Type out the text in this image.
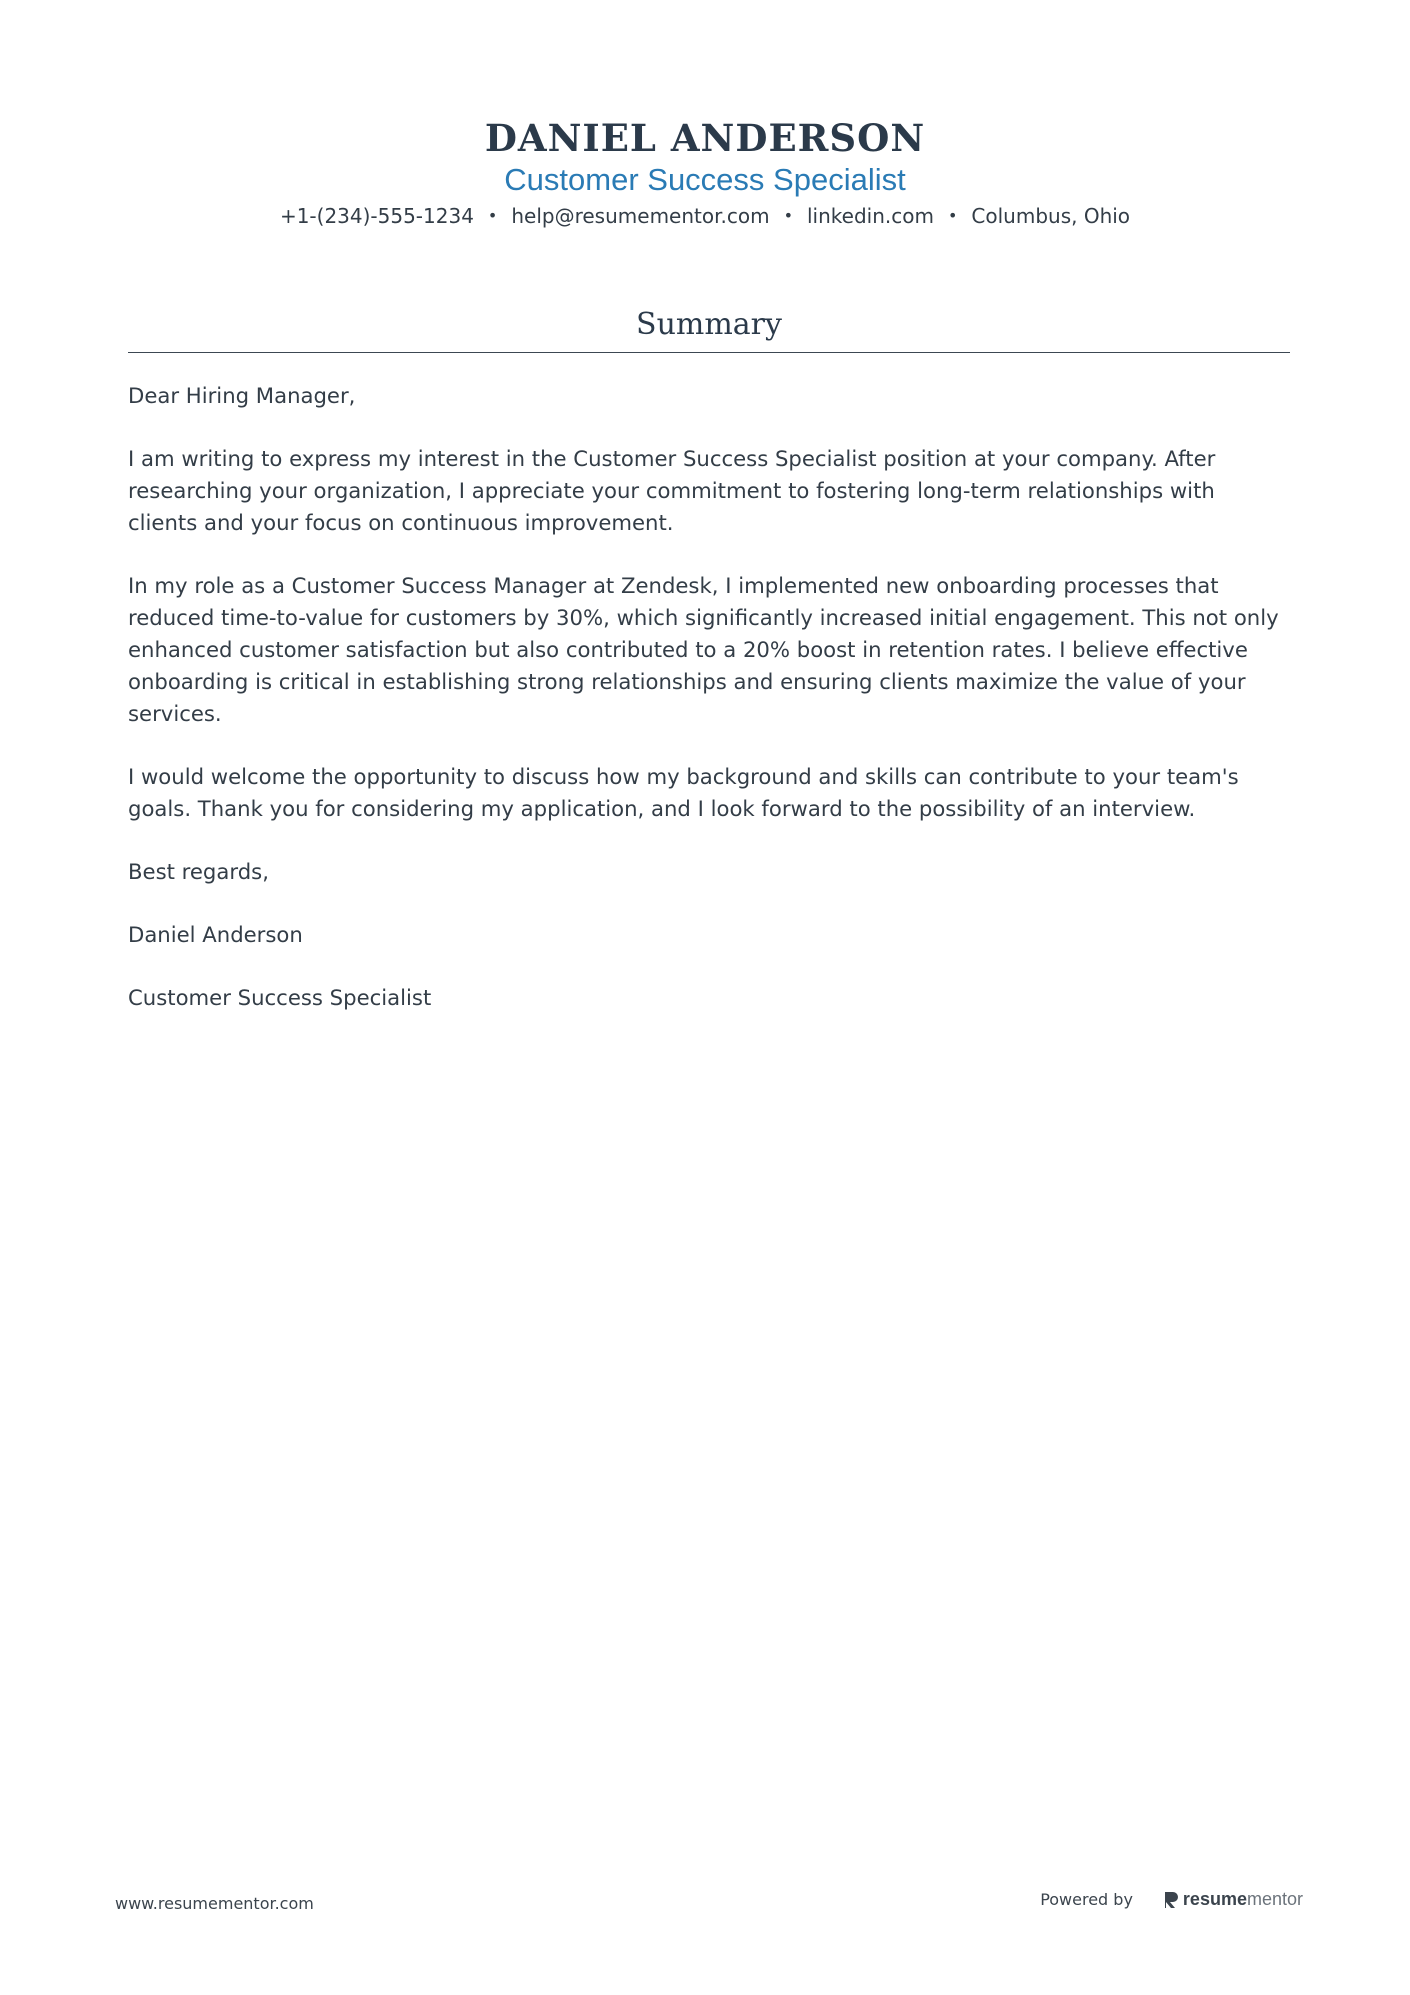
DANIEL ANDERSON
Customer Success Specialist
+1-(234)-555-1234 • help@resumementor.com • linkedin.com • Columbus, Ohio
Summary

Dear Hiring Manager,

I am writing to express my interest in the Customer Success Specialist position at your company. After researching your organization, I appreciate your commitment to fostering long-term relationships with clients and your focus on continuous improvement.

In my role as a Customer Success Manager at Zendesk, I implemented new onboarding processes that reduced time-to-value for customers by 30%, which significantly increased initial engagement. This not only enhanced customer satisfaction but also contributed to a 20% boost in retention rates. I believe effective onboarding is critical in establishing strong relationships and ensuring clients maximize the value of your services.

I would welcome the opportunity to discuss how my background and skills can contribute to your team's goals. Thank you for considering my application, and I look forward to the possibility of an interview.

Best regards,

Daniel Anderson

Customer Success Specialist

www.resumementor.com	Powered by	resume mentor
